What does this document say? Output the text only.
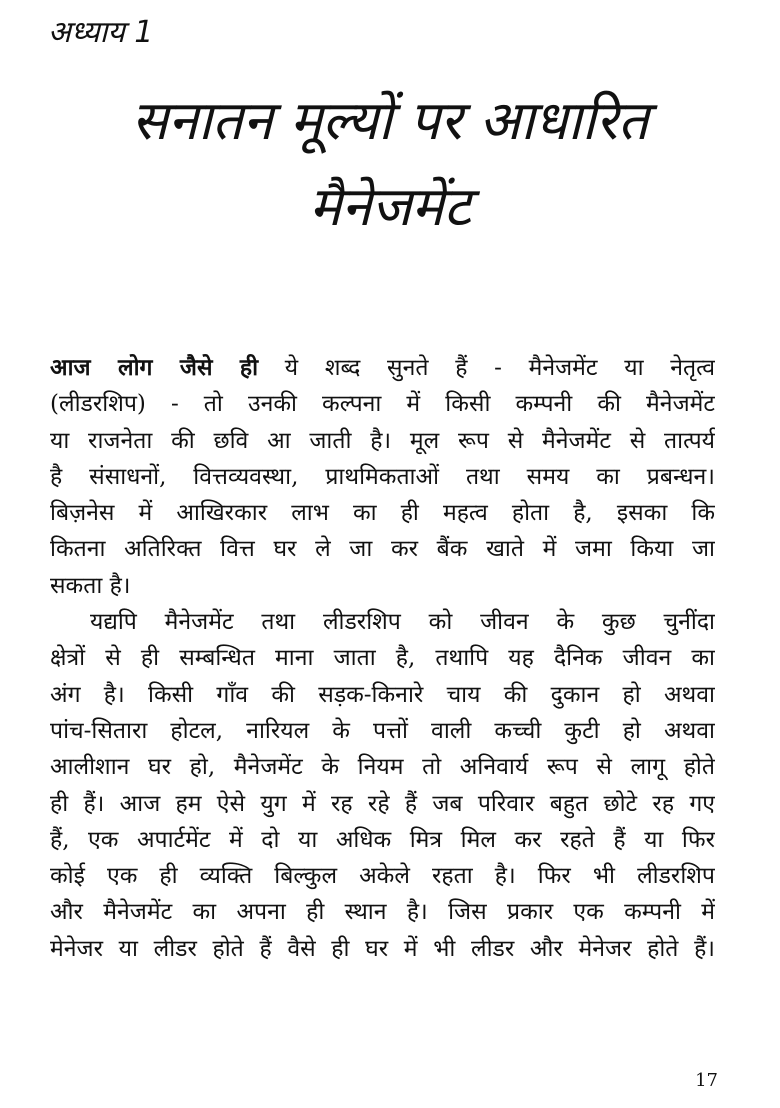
अध्याय 1
सनातन मूल्यों पर आधारित
मैनेजमेंट
आज लोग जैसे ही ये शब्द सुनते हैं - मैनेजमेंट या नेतृत्व
(लीडरशिप) - तो उनकी कल्पना में किसी कम्पनी की मैनेजमेंट
या राजनेता की छवि आ जाती है। मूल रूप से मैनेजमेंट से तात्पर्य
है संसाधनों, वित्तव्यवस्था, प्राथमिकताओं तथा समय का प्रबन्धन।
बिज़नेस में आखिरकार लाभ का ही महत्व होता है, इसका कि
कितना अतिरिक्त वित्त घर ले जा कर बैंक खाते में जमा किया जा
सकता है।
यद्यपि मैनेजमेंट तथा लीडरशिप को जीवन के कुछ चुनींदा
क्षेत्रों से ही सम्बन्धित माना जाता है, तथापि यह दैनिक जीवन का
अंग है। किसी गाँव की सड़क-किनारे चाय की दुकान हो अथवा
पांच-सितारा होटल, नारियल के पत्तों वाली कच्ची कुटी हो अथवा
आलीशान घर हो, मैनेजमेंट के नियम तो अनिवार्य रूप से लागू होते
ही हैं। आज हम ऐसे युग में रह रहे हैं जब परिवार बहुत छोटे रह गए
हैं, एक अपार्टमेंट में दो या अधिक मित्र मिल कर रहते हैं या फिर
कोई एक ही व्यक्ति बिल्कुल अकेले रहता है। फिर भी लीडरशिप
और मैनेजमेंट का अपना ही स्थान है। जिस प्रकार एक कम्पनी में
मेनेजर या लीडर होते हैं वैसे ही घर में भी लीडर और मेनेजर होते हैं।
17
